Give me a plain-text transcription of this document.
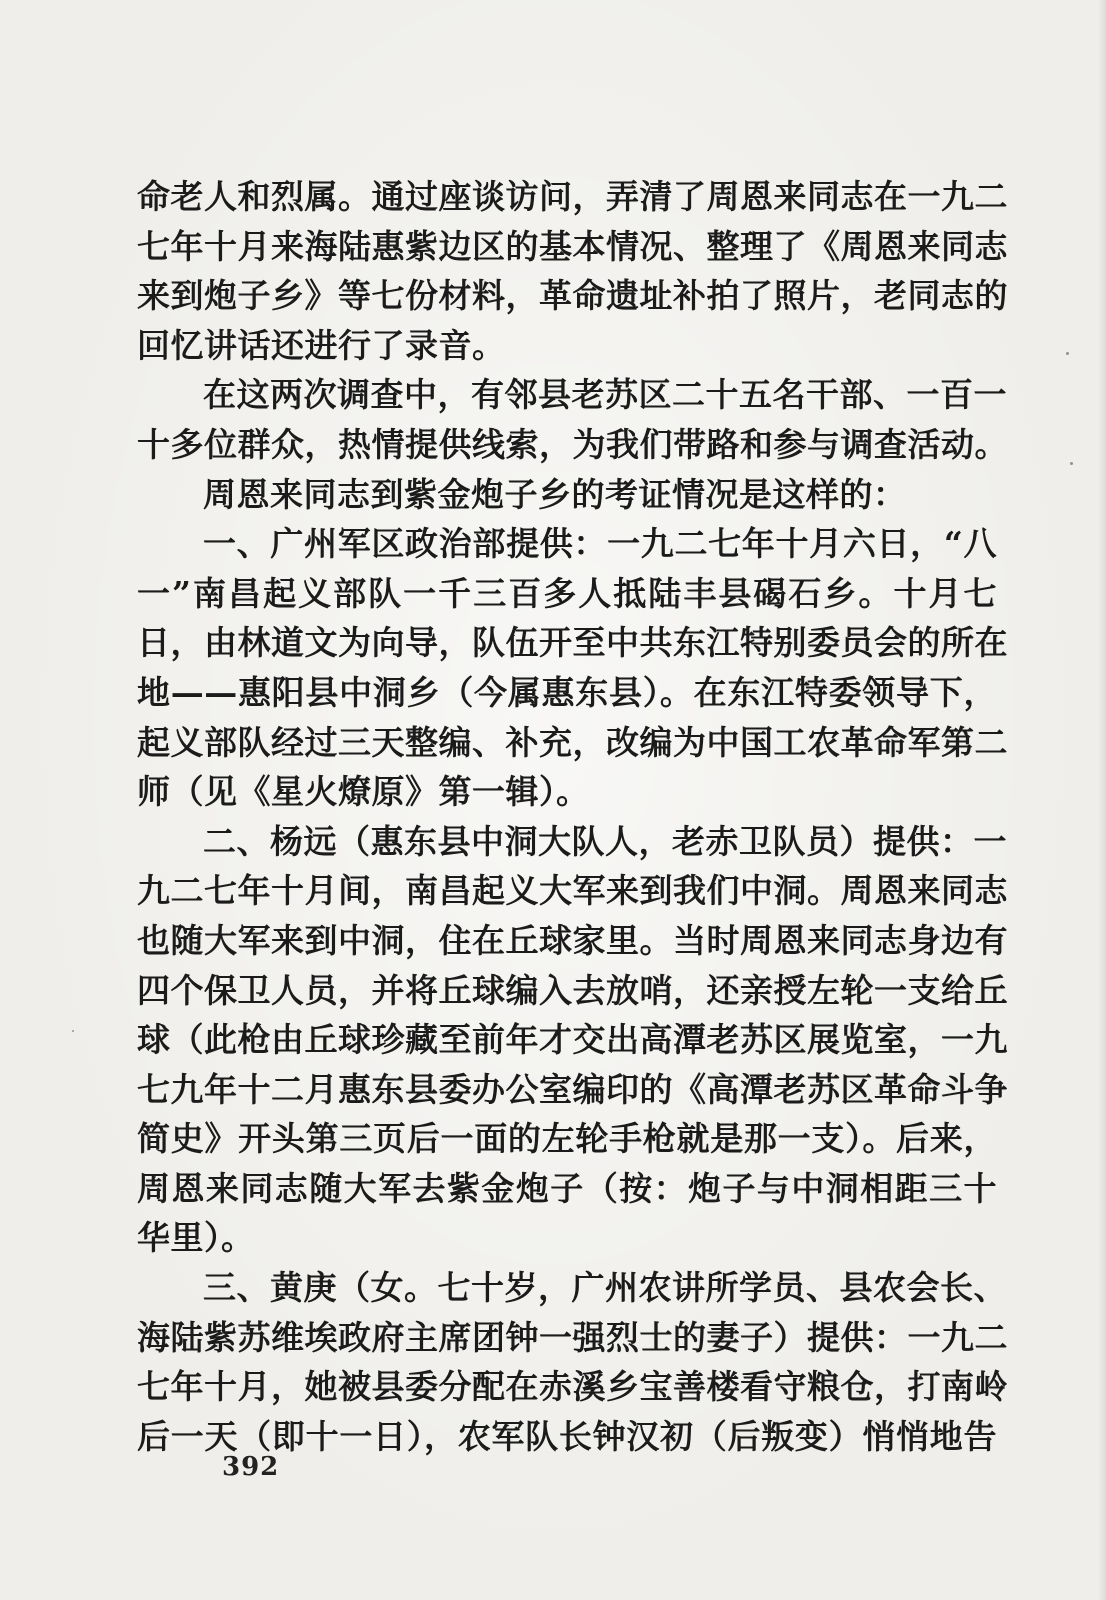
命老人和烈属。通过座谈访问，弄清了周恩来同志在一九二
七年十月来海陆惠紫边区的基本情况、整理了《周恩来同志
来到炮子乡》等七份材料，革命遗址补拍了照片，老同志的
回忆讲话还进行了录音。
在这两次调查中，有邻县老苏区二十五名干部、一百一
十多位群众，热情提供线索，为我们带路和参与调查活动。
周恩来同志到紫金炮子乡的考证情况是这样的：
一、广州军区政治部提供：一九二七年十月六日，“八
一”南昌起义部队一千三百多人抵陆丰县碣石乡。十月七
日，由林道文为向导，队伍开至中共东江特别委员会的所在
地——惠阳县中洞乡（今属惠东县）。在东江特委领导下，
起义部队经过三天整编、补充，改编为中国工农革命军第二
师（见《星火燎原》第一辑）。
二、杨远（惠东县中洞大队人，老赤卫队员）提供：一
九二七年十月间，南昌起义大军来到我们中洞。周恩来同志
也随大军来到中洞，住在丘球家里。当时周恩来同志身边有
四个保卫人员，并将丘球编入去放哨，还亲授左轮一支给丘
球（此枪由丘球珍藏至前年才交出高潭老苏区展览室，一九
七九年十二月惠东县委办公室编印的《高潭老苏区革命斗争
简史》开头第三页后一面的左轮手枪就是那一支）。后来，
周恩来同志随大军去紫金炮子（按：炮子与中洞相距三十
华里）。
三、黄庚（女。七十岁，广州农讲所学员、县农会长、
海陆紫苏维埃政府主席团钟一强烈士的妻子）提供：一九二
七年十月，她被县委分配在赤溪乡宝善楼看守粮仓，打南岭
后一天（即十一日），农军队长钟汉初（后叛变）悄悄地告
392
